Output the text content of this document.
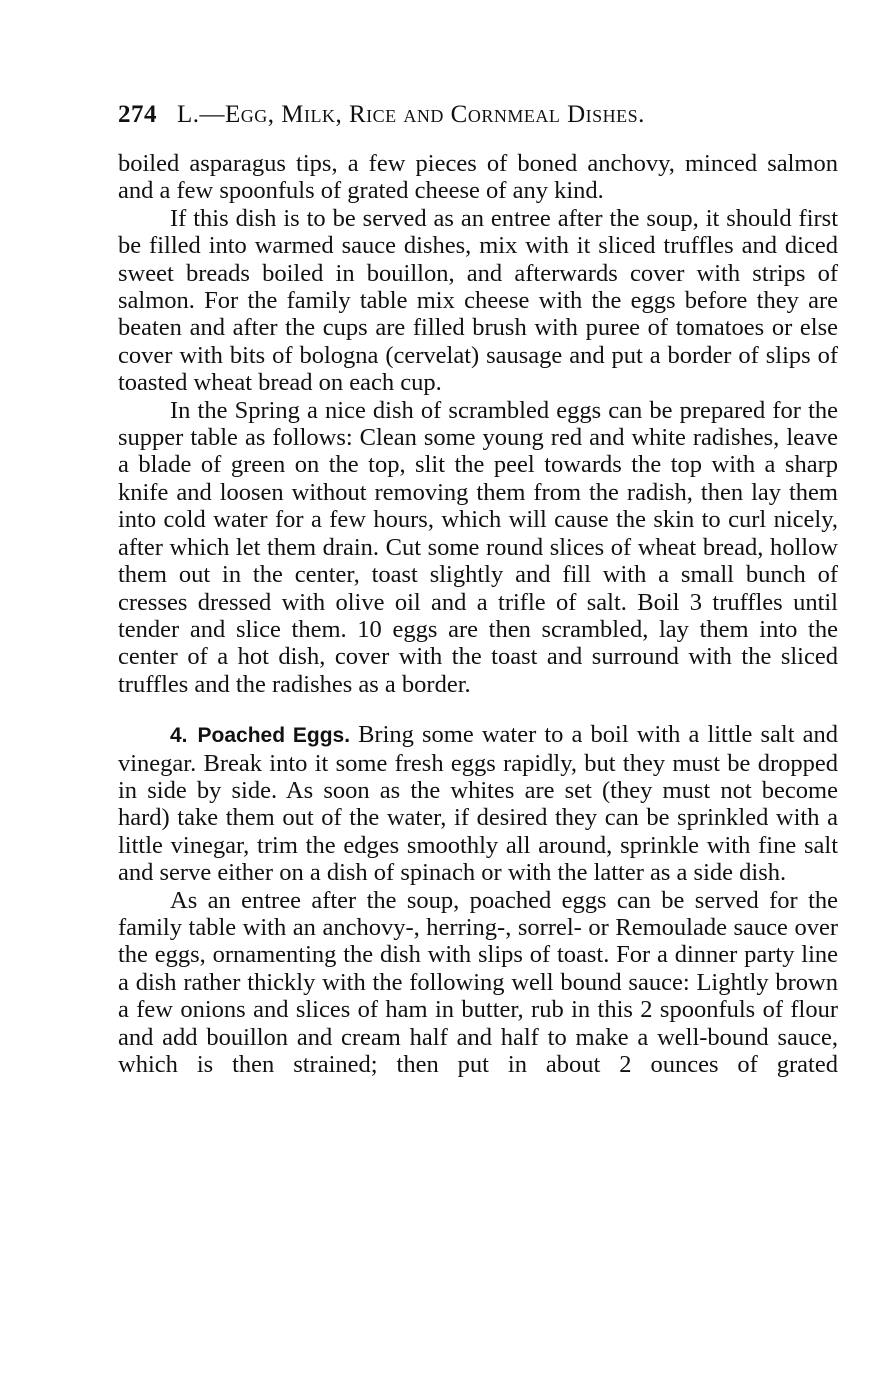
274 L.—Egg, Milk, Rice and Cornmeal Dishes.

boiled asparagus tips, a few pieces of boned anchovy, minced salmon and a few spoonfuls of grated cheese of any kind.

If this dish is to be served as an entree after the soup, it should first be filled into warmed sauce dishes, mix with it sliced truffles and diced sweet breads boiled in bouillon, and afterwards cover with strips of salmon. For the family table mix cheese with the eggs before they are beaten and after the cups are filled brush with puree of tomatoes or else cover with bits of bologna (cervelat) sausage and put a border of slips of toasted wheat bread on each cup.

In the Spring a nice dish of scrambled eggs can be prepared for the supper table as follows: Clean some young red and white radishes, leave a blade of green on the top, slit the peel towards the top with a sharp knife and loosen without removing them from the radish, then lay them into cold water for a few hours, which will cause the skin to curl nicely, after which let them drain. Cut some round slices of wheat bread, hollow them out in the center, toast slightly and fill with a small bunch of cresses dressed with olive oil and a trifle of salt. Boil 3 truffles until tender and slice them. 10 eggs are then scrambled, lay them into the center of a hot dish, cover with the toast and surround with the sliced truffles and the radishes as a border.

4. Poached Eggs. Bring some water to a boil with a little salt and vinegar. Break into it some fresh eggs rapidly, but they must be dropped in side by side. As soon as the whites are set (they must not become hard) take them out of the water, if desired they can be sprinkled with a little vinegar, trim the edges smoothly all around, sprinkle with fine salt and serve either on a dish of spinach or with the latter as a side dish.

As an entree after the soup, poached eggs can be served for the family table with an anchovy-, herring-, sorrel- or Remoulade sauce over the eggs, ornamenting the dish with slips of toast. For a dinner party line a dish rather thickly with the following well bound sauce: Lightly brown a few onions and slices of ham in butter, rub in this 2 spoonfuls of flour and add bouillon and cream half and half to make a well-bound sauce, which is then strained; then put in about 2 ounces of grated
